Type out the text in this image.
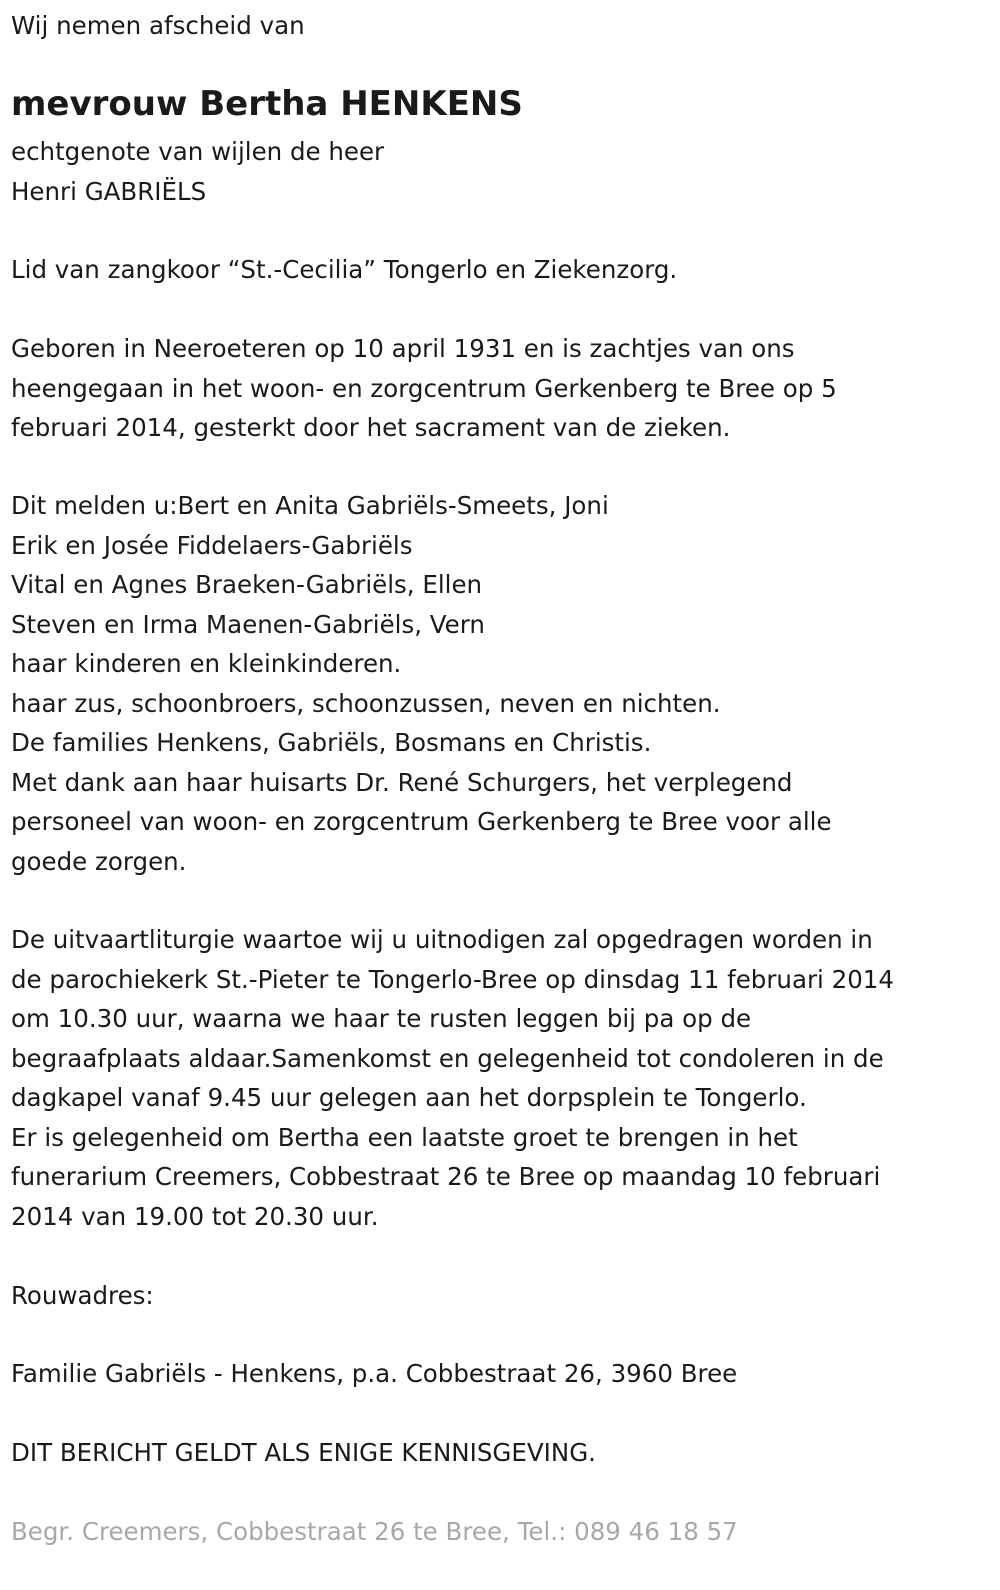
Wij nemen afscheid van

mevrouw Bertha HENKENS

echtgenote van wijlen de heer

Henri GABRIËLS

Lid van zangkoor “St.-Cecilia” Tongerlo en Ziekenzorg.

Geboren in Neeroeteren op 10 april 1931 en is zachtjes van ons

heengegaan in het woon- en zorgcentrum Gerkenberg te Bree op 5

februari 2014, gesterkt door het sacrament van de zieken.

Dit melden u:Bert en Anita Gabriëls-Smeets, Joni

Erik en Josée Fiddelaers-Gabriëls

Vital en Agnes Braeken-Gabriëls, Ellen

Steven en Irma Maenen-Gabriëls, Vern

haar kinderen en kleinkinderen.

haar zus, schoonbroers, schoonzussen, neven en nichten.

De families Henkens, Gabriëls, Bosmans en Christis.

Met dank aan haar huisarts Dr. René Schurgers, het verplegend

personeel van woon- en zorgcentrum Gerkenberg te Bree voor alle

goede zorgen.

De uitvaartliturgie waartoe wij u uitnodigen zal opgedragen worden in

de parochiekerk St.-Pieter te Tongerlo-Bree op dinsdag 11 februari 2014

om 10.30 uur, waarna we haar te rusten leggen bij pa op de

begraafplaats aldaar.Samenkomst en gelegenheid tot condoleren in de

dagkapel vanaf 9.45 uur gelegen aan het dorpsplein te Tongerlo.

Er is gelegenheid om Bertha een laatste groet te brengen in het

funerarium Creemers, Cobbestraat 26 te Bree op maandag 10 februari

2014 van 19.00 tot 20.30 uur.

Rouwadres:

Familie Gabriëls - Henkens, p.a. Cobbestraat 26, 3960 Bree

DIT BERICHT GELDT ALS ENIGE KENNISGEVING.

Begr. Creemers, Cobbestraat 26 te Bree, Tel.: 089 46 18 57
